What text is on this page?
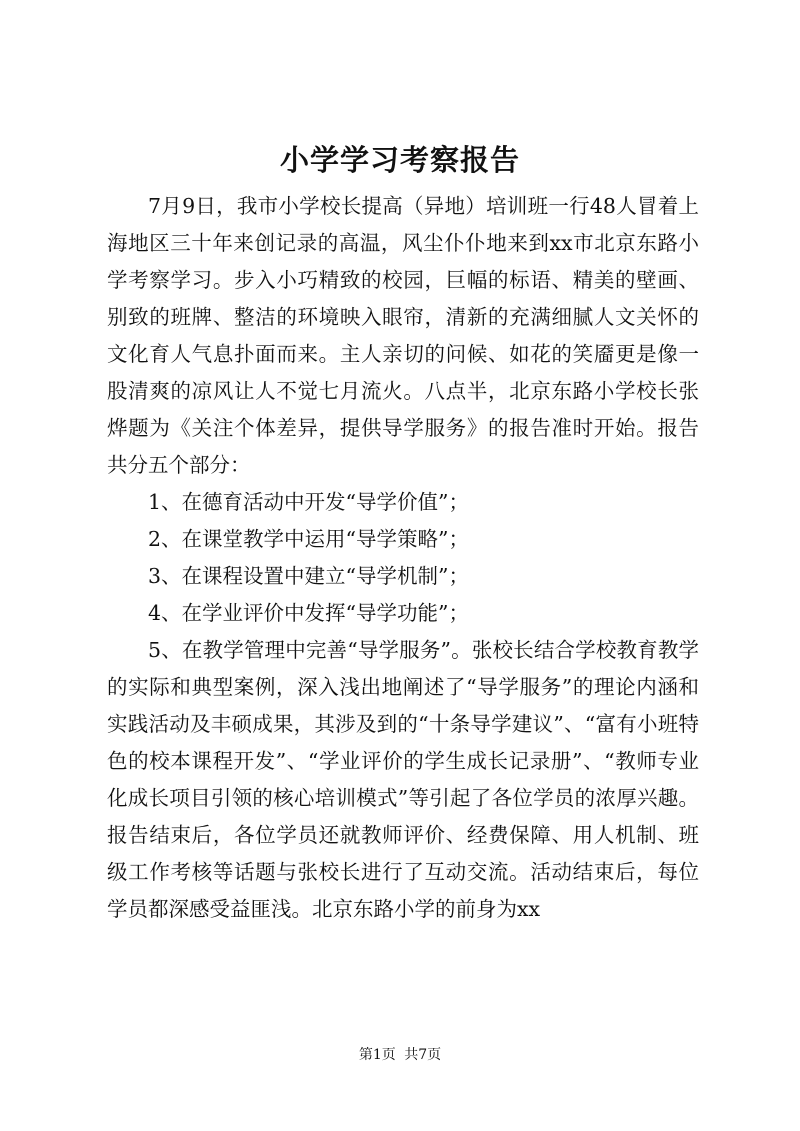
小学学习考察报告

7月9日，我市小学校长提高（异地）培训班一行48人冒着上海地区三十年来创记录的高温，风尘仆仆地来到xx市北京东路小学考察学习。步入小巧精致的校园，巨幅的标语、精美的壁画、别致的班牌、整洁的环境映入眼帘，清新的充满细腻人文关怀的文化育人气息扑面而来。主人亲切的问候、如花的笑靥更是像一股清爽的凉风让人不觉七月流火。八点半，北京东路小学校长张烨题为《关注个体差异，提供导学服务》的报告准时开始。报告共分五个部分：

1、在德育活动中开发“导学价值”；

2、在课堂教学中运用“导学策略”；

3、在课程设置中建立“导学机制”；

4、在学业评价中发挥“导学功能”；

5、在教学管理中完善“导学服务”。张校长结合学校教育教学的实际和典型案例，深入浅出地阐述了“导学服务”的理论内涵和实践活动及丰硕成果，其涉及到的“十条导学建议”、“富有小班特色的校本课程开发”、“学业评价的学生成长记录册”、“教师专业化成长项目引领的核心培训模式”等引起了各位学员的浓厚兴趣。报告结束后，各位学员还就教师评价、经费保障、用人机制、班级工作考核等话题与张校长进行了互动交流。活动结束后，每位学员都深感受益匪浅。北京东路小学的前身为xx

第1页 共7页
